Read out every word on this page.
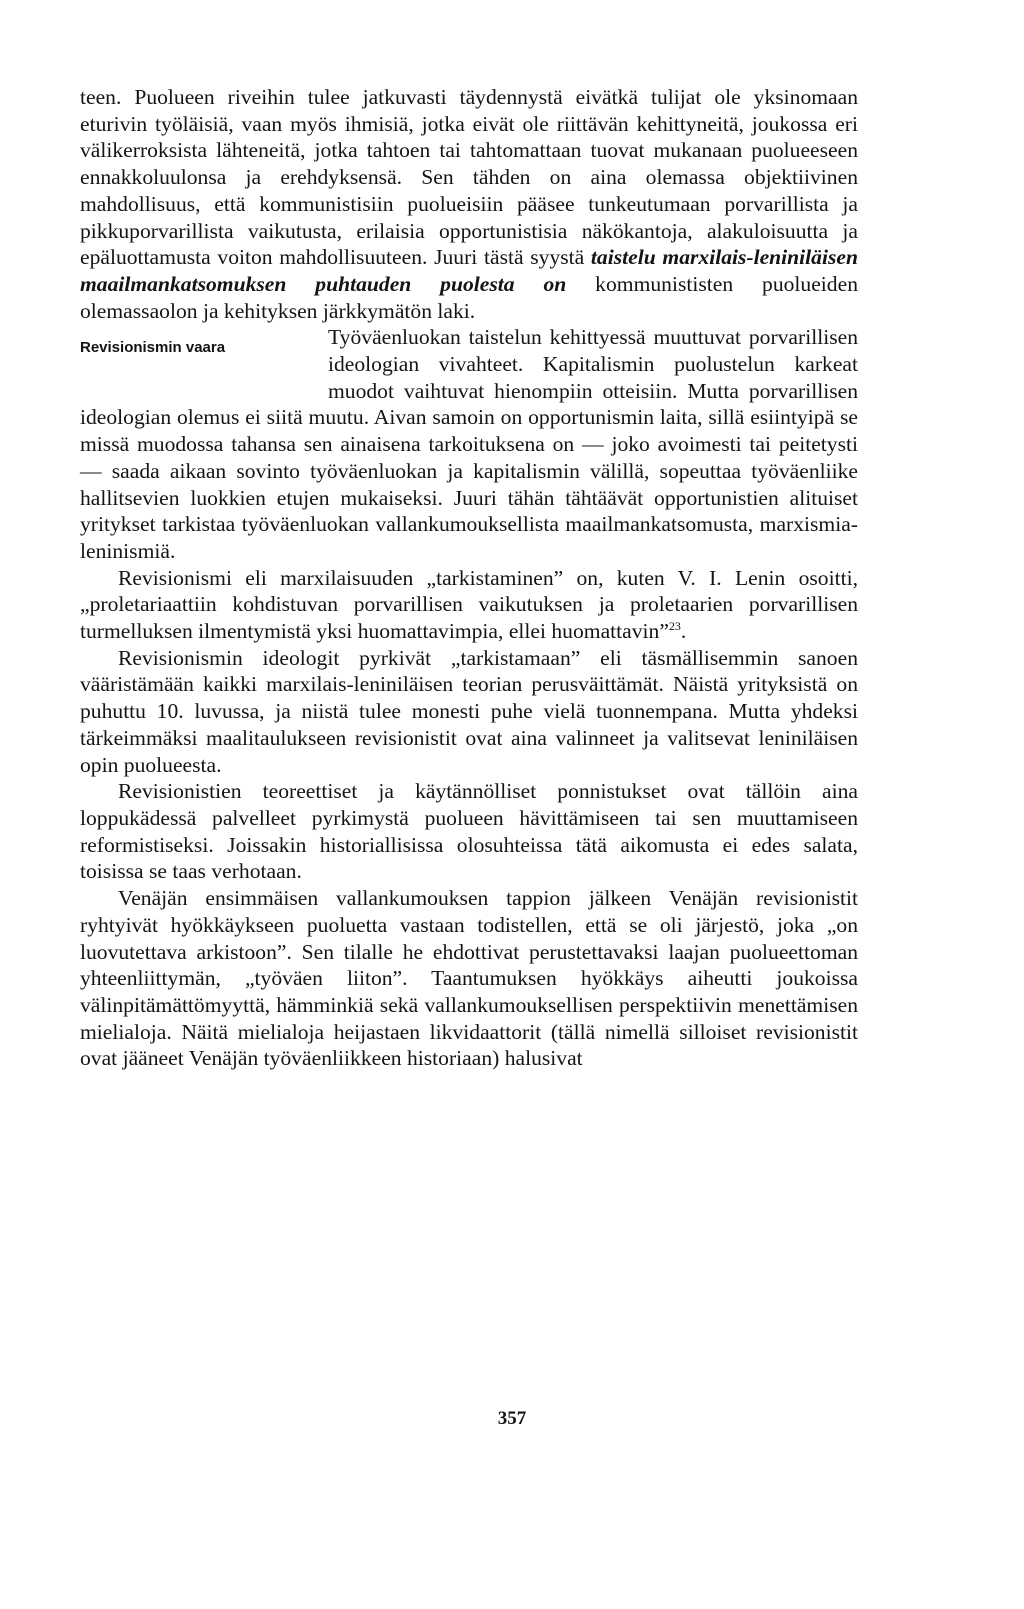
teen. Puolueen riveihin tulee jatkuvasti täydennystä eivätkä tulijat ole yksinomaan eturivin työläisiä, vaan myös ihmisiä, jotka eivät ole riittävän kehittyneitä, joukossa eri välikerroksista lähteneitä, jotka tahtoen tai tahtomattaan tuovat mukanaan puolueeseen ennakkoluulonsa ja erehdyksensä. Sen tähden on aina olemassa objektiivinen mahdollisuus, että kommunistisiin puolueisiin pääsee tunkeutumaan porvarillista ja pikkuporvarillista vaikutusta, erilaisia opportunistisia näkökantoja, alakuloisuutta ja epäluottamusta voiton mahdollisuuteen. Juuri tästä syystä taistelu marxilais-leniniläisen maailmankatsomuksen puhtauden puolesta on kommunististen puolueiden olemassaolon ja kehityksen järkkymätön laki.

Revisionismin vaara	Työväenluokan taistelun kehittyessä muuttuvat porvarillisen ideologian vivahteet. Kapitalismin puolustelun karkeat muodot vaihtuvat hienompiin otteisiin. Mutta porvarillisen ideologian olemus ei siitä muutu. Aivan samoin on opportunismin laita, sillä esiintyipä se missä muodossa tahansa sen ainaisena tarkoituksena on — joko avoimesti tai peitetysti — saada aikaan sovinto työväenluokan ja kapitalismin välillä, sopeuttaa työväenliike hallitsevien luokkien etujen mukaiseksi. Juuri tähän tähtäävät opportunistien alituiset yritykset tarkistaa työväenluokan vallankumouksellista maailmankatsomusta, marxismia-leninismiä.

Revisionismi eli marxilaisuuden „tarkistaminen” on, kuten V. I. Lenin osoitti, „proletariaattiin kohdistuvan porvarillisen vaikutuksen ja proletaarien porvarillisen turmelluksen ilmentymistä yksi huomattavimpia, ellei huomattavin”$^{23}$.

Revisionismin ideologit pyrkivät „tarkistamaan” eli täsmällisemmin sanoen vääristämään kaikki marxilais-leniniläisen teorian perusväittämät. Näistä yrityksistä on puhuttu 10. luvussa, ja niistä tulee monesti puhe vielä tuonnempana. Mutta yhdeksi tärkeimmäksi maalitaulukseen revisionistit ovat aina valinneet ja valitsevat leniniläisen opin puolueesta.

Revisionistien teoreettiset ja käytännölliset ponnistukset ovat tällöin aina loppukädessä palvelleet pyrkimystä puolueen hävittämiseen tai sen muuttamiseen reformistiseksi. Joissakin historiallisissa olosuhteissa tätä aikomusta ei edes salata, toisissa se taas verhotaan.

Venäjän ensimmäisen vallankumouksen tappion jälkeen Venäjän revisionistit ryhtyivät hyökkäykseen puoluetta vastaan todistellen, että se oli järjestö, joka „on luovutettava arkistoon”. Sen tilalle he ehdottivat perustettavaksi laajan puolueettoman yhteenliittymän, „työväen liiton”. Taantumuksen hyökkäys aiheutti joukoissa välinpitämättömyyttä, hämminkiä sekä vallankumouksellisen perspektiivin menettämisen mielialoja. Näitä mielialoja heijastaen likvidaattorit (tällä nimellä silloiset revisionistit ovat jääneet Venäjän työväenliikkeen historiaan) halusivat

357
